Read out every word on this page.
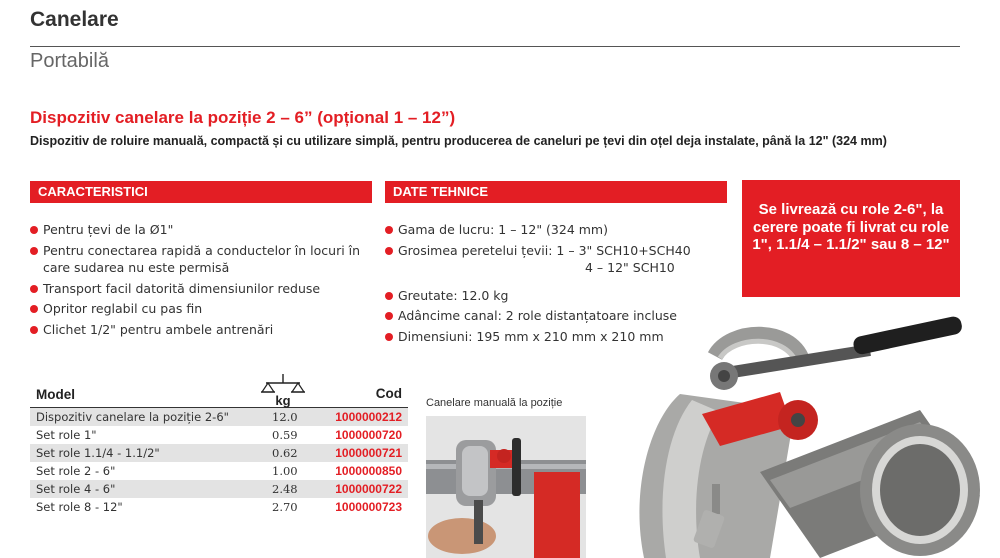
Canelare
Portabilă
Dispozitiv canelare la poziție 2 – 6” (opțional 1 – 12”)
Dispozitiv de roluire manuală, compactă și cu utilizare simplă, pentru producerea de caneluri pe țevi din oțel deja instalate, până la 12" (324 mm)
CARACTERISTICI	DATE TEHNICE
Pentru țevi de la Ø1"
Pentru conectarea rapidă a conductelor în locuri în care sudarea nu este permisă
Transport facil datorită dimensiunilor reduse
Opritor reglabil cu pas fin
Clichet 1/2" pentru ambele antrenări
Gama de lucru: 1 – 12" (324 mm)
Grosimea peretelui țevii: 1 – 3" SCH10+SCH40
4 – 12" SCH10
Greutate: 12.0 kg
Adâncime canal: 2 role distanțatoare incluse
Dimensiuni: 195 mm x 210 mm x 210 mm
Se livrează cu role 2-6", la cerere poate fi livrat cu role 1", 1.1/4 – 1.1/2" sau 8 – 12"
Model	kg	Cod
Dispozitiv canelare la poziție 2-6"	12.0	1000000212
Set role 1"	0.59	1000000720
Set role 1.1/4 - 1.1/2"	0.62	1000000721
Set role 2 - 6"	1.00	1000000850
Set role 4 - 6"	2.48	1000000722
Set role 8 - 12"	2.70	1000000723
Canelare manuală la poziție
